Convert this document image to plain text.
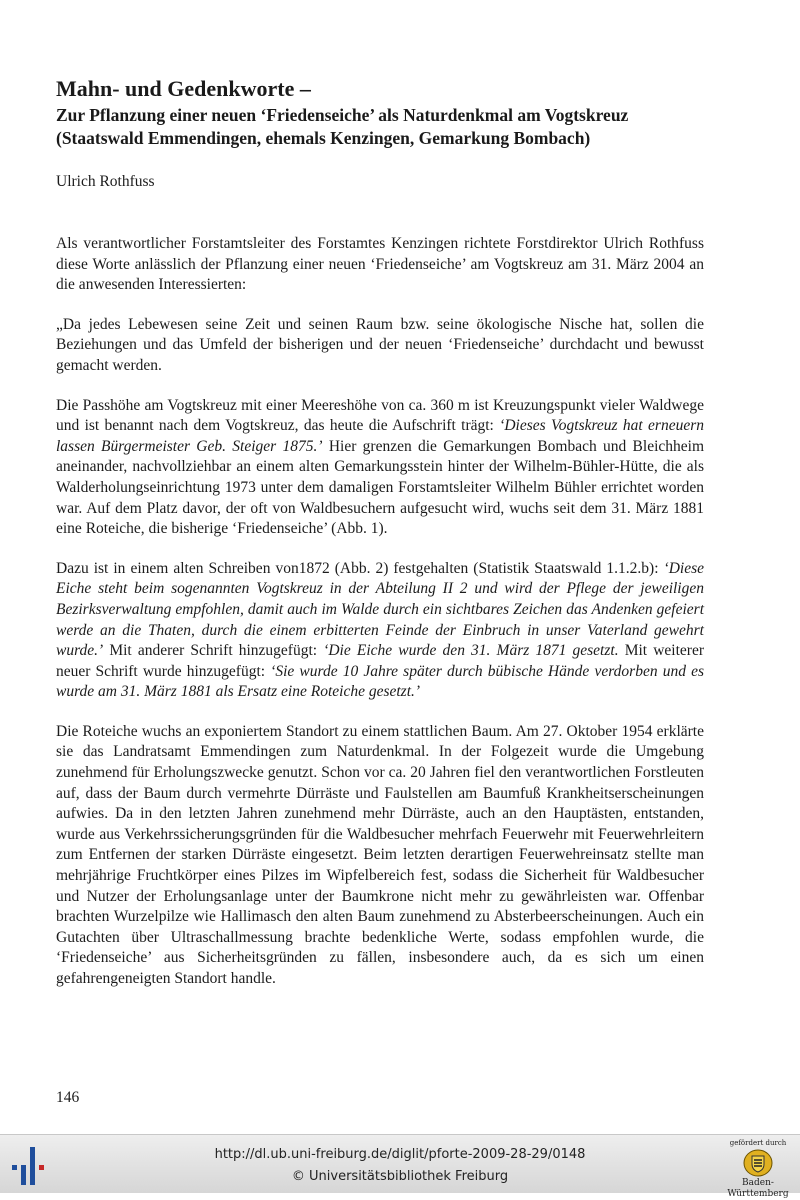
Mahn- und Gedenkworte –
Zur Pflanzung einer neuen ‘Friedenseiche’ als Naturdenkmal am Vogtskreuz
(Staatswald Emmendingen, ehemals Kenzingen, Gemarkung Bombach)
Ulrich Rothfuss

Als verantwortlicher Forstamtsleiter des Forstamtes Kenzingen richtete Forstdirektor Ulrich Rothfuss diese Worte anlässlich der Pflanzung einer neuen ‘Friedenseiche’ am Vogtskreuz am 31. März 2004 an die anwesenden Interessierten:

„Da jedes Lebewesen seine Zeit und seinen Raum bzw. seine ökologische Nische hat, sollen die Beziehungen und das Umfeld der bisherigen und der neuen ‘Friedenseiche’ durchdacht und bewusst gemacht werden.

Die Passhöhe am Vogtskreuz mit einer Meereshöhe von ca. 360 m ist Kreuzungspunkt vieler Waldwege und ist benannt nach dem Vogtskreuz, das heute die Aufschrift trägt: ‘Dieses Vogtskreuz hat erneuern lassen Bürgermeister Geb. Steiger 1875.’ Hier grenzen die Gemarkungen Bombach und Bleichheim aneinander, nachvollziehbar an einem alten Gemarkungsstein hinter der Wilhelm-Bühler-Hütte, die als Walderholungseinrichtung 1973 unter dem damaligen Forstamtsleiter Wilhelm Bühler errichtet worden war. Auf dem Platz davor, der oft von Waldbesuchern aufgesucht wird, wuchs seit dem 31. März 1881 eine Roteiche, die bisherige ‘Friedenseiche’ (Abb. 1).

Dazu ist in einem alten Schreiben von1872 (Abb. 2) festgehalten (Statistik Staatswald 1.1.2.b): ‘Diese Eiche steht beim sogenannten Vogtskreuz in der Abteilung II 2 und wird der Pflege der jeweiligen Bezirksverwaltung empfohlen, damit auch im Walde durch ein sichtbares Zeichen das Andenken gefeiert werde an die Thaten, durch die einem erbitterten Feinde der Einbruch in unser Vaterland gewehrt wurde.’ Mit anderer Schrift hinzugefügt: ‘Die Eiche wurde den 31. März 1871 gesetzt. Mit weiterer neuer Schrift wurde hinzugefügt: ‘Sie wurde 10 Jahre später durch bübische Hände verdorben und es wurde am 31. März 1881 als Ersatz eine Roteiche gesetzt.’

Die Roteiche wuchs an exponiertem Standort zu einem stattlichen Baum. Am 27. Oktober 1954 erklärte sie das Landratsamt Emmendingen zum Naturdenkmal. In der Folgezeit wurde die Umgebung zunehmend für Erholungszwecke genutzt. Schon vor ca. 20 Jahren fiel den verantwortlichen Forstleuten auf, dass der Baum durch vermehrte Dürräste und Faulstellen am Baumfuß Krankheitserscheinungen aufwies. Da in den letzten Jahren zunehmend mehr Dürräste, auch an den Hauptästen, entstanden, wurde aus Verkehrssicherungsgründen für die Waldbesucher mehrfach Feuerwehr mit Feuerwehrleitern zum Entfernen der starken Dürräste eingesetzt. Beim letzten derartigen Feuerwehreinsatz stellte man mehrjährige Fruchtkörper eines Pilzes im Wipfelbereich fest, sodass die Sicherheit für Waldbesucher und Nutzer der Erholungsanlage unter der Baumkrone nicht mehr zu gewährleisten war. Offenbar brachten Wurzelpilze wie Hallimasch den alten Baum zunehmend zu Absterbeerscheinungen. Auch ein Gutachten über Ultraschallmessung brachte bedenkliche Werte, sodass empfohlen wurde, die ‘Friedenseiche’ aus Sicherheitsgründen zu fällen, insbesondere auch, da es sich um einen gefahrengeneigten Standort handle.

146
http://dl.ub.uni-freiburg.de/diglit/pforte-2009-28-29/0148
© Universitätsbibliothek Freiburg
gefördert durch
Baden-Württemberg
